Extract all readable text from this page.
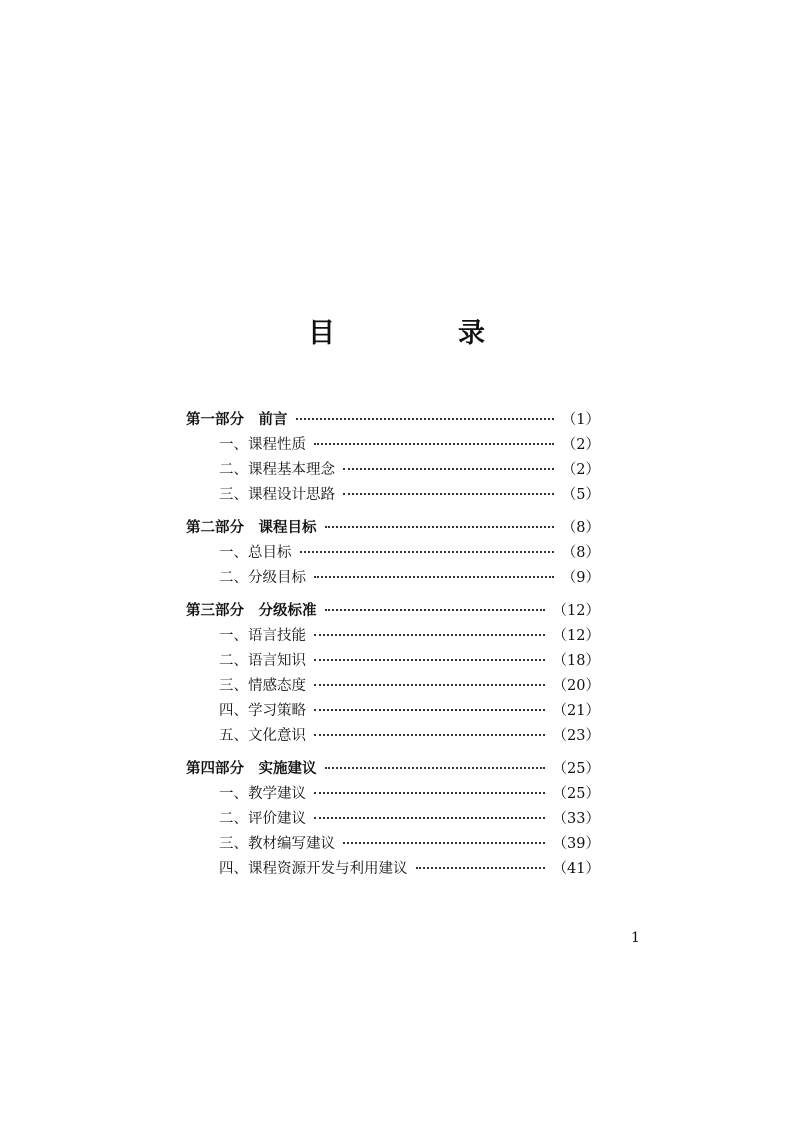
目　录
第一部分　前言	（1）
一、课程性质	（2）
二、课程基本理念	（2）
三、课程设计思路	（5）
第二部分　课程目标	（8）
一、总目标	（8）
二、分级目标	（9）
第三部分　分级标准	（12）
一、语言技能	（12）
二、语言知识	（18）
三、情感态度	（20）
四、学习策略	（21）
五、文化意识	（23）
第四部分　实施建议	（25）
一、教学建议	（25）
二、评价建议	（33）
三、教材编写建议	（39）
四、课程资源开发与利用建议	（41）
1
